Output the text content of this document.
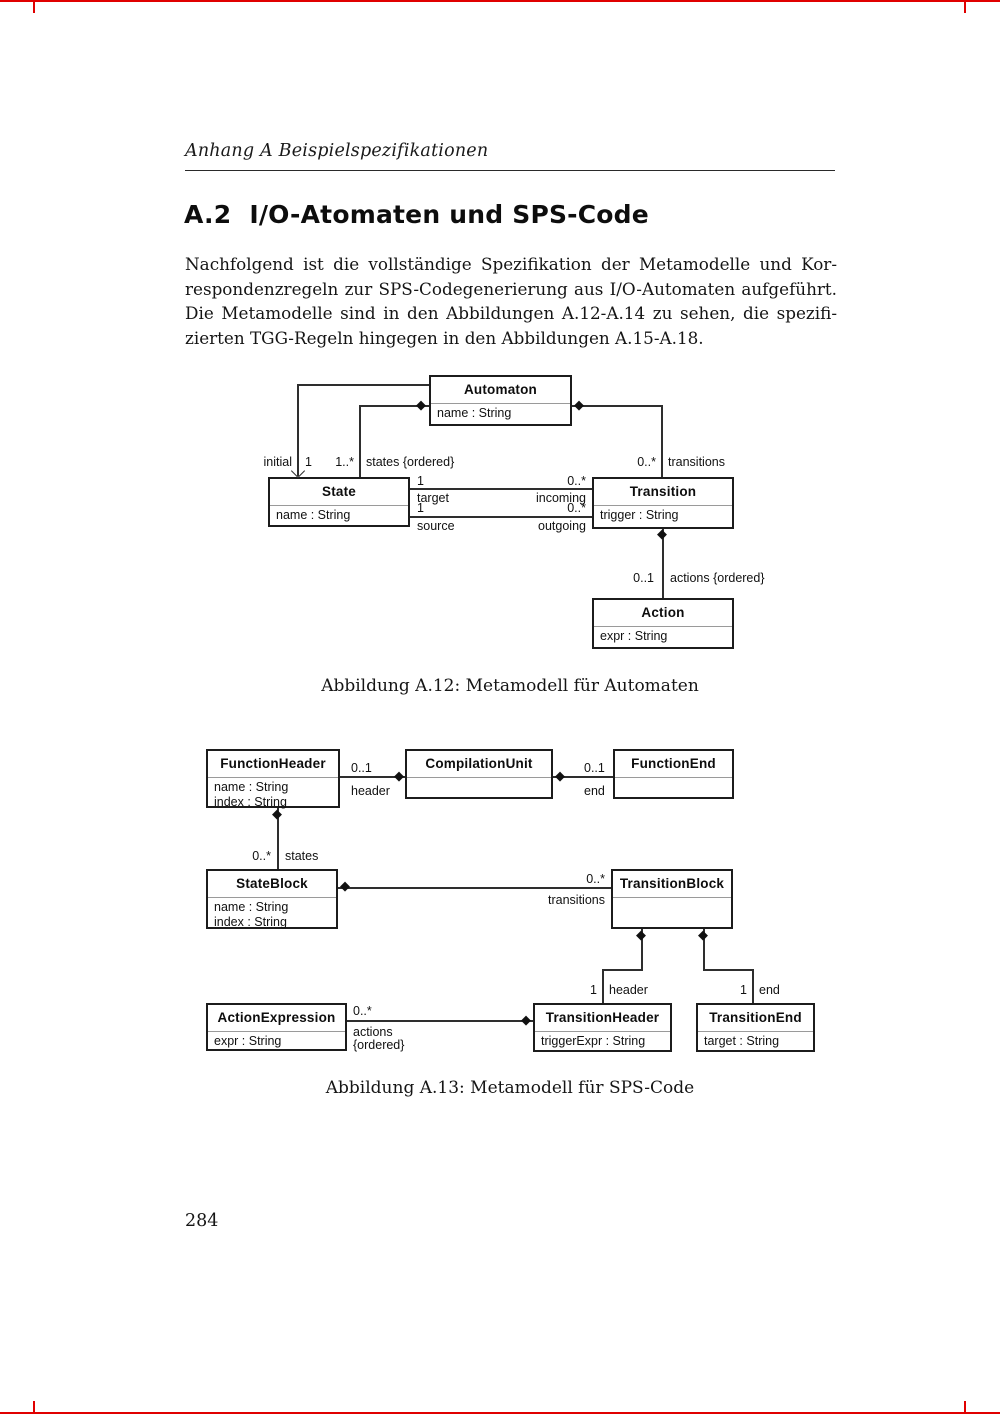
Anhang A Beispielspezifikationen
A.2 I/O-Atomaten und SPS-Code
Nachfolgend ist die vollständige Spezifikation der Metamodelle und Kor-
respondenzregeln zur SPS-Codegenerierung aus I/O-Automaten aufgeführt.
Die Metamodelle sind in den Abbildungen A.12-A.14 zu sehen, die spezifi-
zierten TGG-Regeln hingegen in den Abbildungen A.15-A.18.
Automaton
name : String
State
name : String
Transition
trigger : String
Action
expr : String
initial 1
◆
1..* states {ordered}
◆
0..* transitions
1
target
0..*
incoming
1
source
0..*
outgoing
◆
0..1 actions {ordered}
Abbildung A.12: Metamodell für Automaten
FunctionHeader
name : String
index : String
CompilationUnit	FunctionEnd
StateBlock
name : String
index : String
TransitionBlock
ActionExpression
expr : String
TransitionHeader
triggerExpr : String
TransitionEnd
target : String
◆
0..1
header
◆
0..1
end
◆
0..* states
◆	0..*
transitions
◆
1 header
◆
1 end
◆
0..*
actions
{ordered}
Abbildung A.13: Metamodell für SPS-Code
284
